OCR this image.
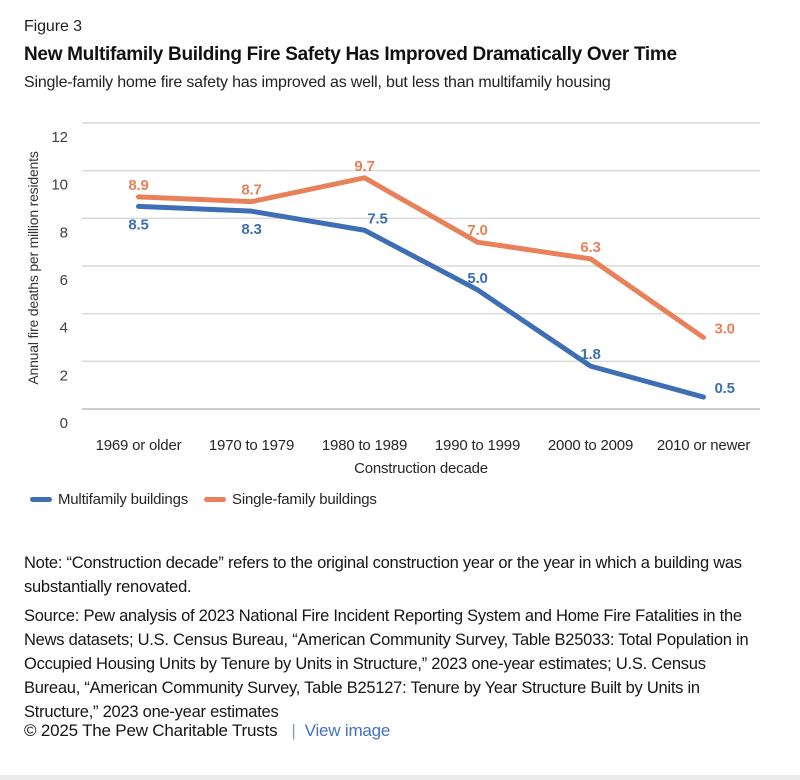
Figure 3
New Multifamily Building Fire Safety Has Improved Dramatically Over Time
Single-family home fire safety has improved as well, but less than multifamily housing
0
2
4
6
8
10
12
Annual fire deaths per million residents
1969 or older 1970 to 1979 1980 to 1989 1990 to 1999 2000 to 2009 2010 or newer
Construction decade
8.5	8.3
7.5
5.0
1.8
0.5
8.9	8.7
9.7
7.0
6.3
3.0
Multifamily buildings	Single-family buildings
Note: “Construction decade” refers to the original construction year or the year in which a building was substantially renovated.
Source: Pew analysis of 2023 National Fire Incident Reporting System and Home Fire Fatalities in the News datasets; U.S. Census Bureau, “American Community Survey, Table B25033: Total Population in Occupied Housing Units by Tenure by Units in Structure,” 2023 one-year estimates; U.S. Census Bureau, “American Community Survey, Table B25127: Tenure by Year Structure Built by Units in Structure,” 2023 one-year estimates
© 2025 The Pew Charitable Trusts | View image
